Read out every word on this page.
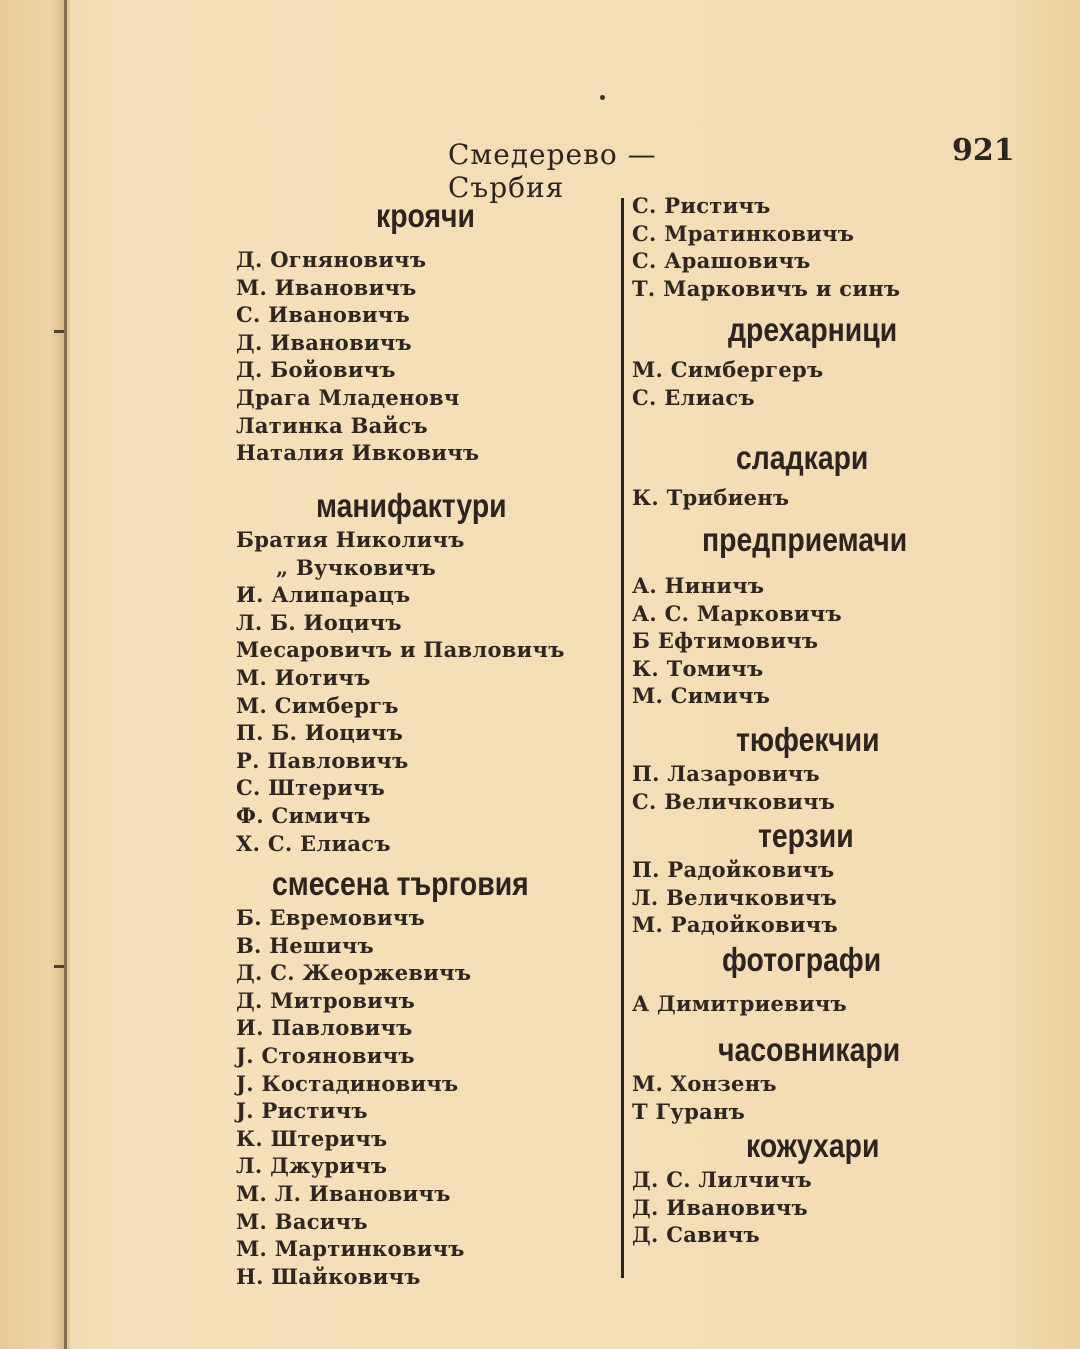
Смедерево — Сърбия
921
кроячи
Д. Огняновичъ
М. Ивановичъ
С. Ивановичъ
Д. Ивановичъ
Д. Бойовичъ
Драга Младеновч
Латинка Вайсъ
Наталия Ивковичъ
манифактури
Братия Николичъ
„ Вучковичъ
И. Алипарацъ
Л. Б. Иоцичъ
Месаровичъ и Павловичъ
М. Иотичъ
М. Симбергъ
П. Б. Иоцичъ
Р. Павловичъ
С. Штеричъ
Ф. Симичъ
Х. С. Елиасъ
смесена търговия
Б. Евремовичъ
В. Нешичъ
Д. С. Жеоржевичъ
Д. Митровичъ
И. Павловичъ
Ј. Стояновичъ
Ј. Костадиновичъ
Ј. Ристичъ
К. Штеричъ
Л. Джуричъ
М. Л. Ивановичъ
М. Васичъ
М. Мартинковичъ
Н. Шайковичъ
С. Ристичъ
С. Мратинковичъ
С. Арашовичъ
Т. Марковичъ и синъ
дрехарници
М. Симбергеръ
С. Елиасъ
сладкари
К. Трибиенъ
предприемачи
А. Ниничъ
А. С. Марковичъ
Б Ефтимовичъ
К. Томичъ
М. Симичъ
тюфекчии
П. Лазаровичъ
С. Величковичъ
терзии
П. Радойковичъ
Л. Величковичъ
М. Радойковичъ
фотографи
А Димитриевичъ
часовникари
М. Хонзенъ
Т Гуранъ
кожухари
Д. С. Лилчичъ
Д. Ивановичъ
Д. Савичъ
